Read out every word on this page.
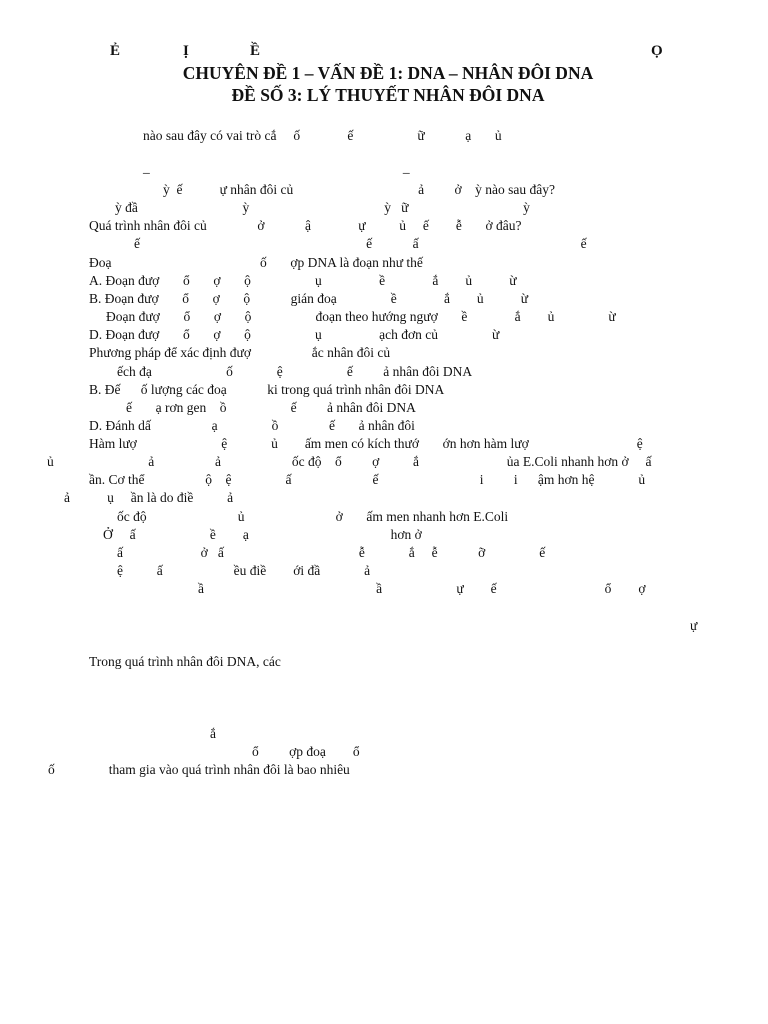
Ẻ	Ị	Ề	Ọ
CHUYÊN ĐỀ 1 – VẤN ĐỀ 1: DNA – NHÂN ĐÔI DNA
ĐỀ SỐ 3: LÝ THUYẾT NHÂN ĐÔI DNA
nào sau đây có vai trò cắ     ố              ế                   ữ            ạ       ủ
_                                                                           _
ỳ  ế           ự nhân đôi củ                                     ả         ở    ỳ nào sau đây?
ỳ đầ                               ỳ                                        ỳ   ữ                                  ỳ
Quá trình nhân đôi củ               ở            ậ              ự          ủ     ế        ễ       ở đâu?
ế                                                                   ế            ấ                                                ế
Đoạ                                            ố       ợp DNA là đoạn như thế
A. Đoạn đượ       ổ       ợ       ộ                   ụ                 ề              ắ        ủ           ừ
B. Đoạn đượ       ổ       ợ       ộ            gián đoạ                ề              ắ        ủ           ừ
Đoạn đượ       ổ       ợ       ộ                   đoạn theo hướng ngượ       ề              ắ        ủ                ừ
D. Đoạn đượ       ổ       ợ       ộ                   ụ                 ạch đơn củ                ừ
Phương pháp để xác định đượ                  ắc nhân đôi củ
ếch đạ                      ố             ệ                   ế         ả nhân đôi DNA
B. Đế      ố lượng các đoạ            ki trong quá trình nhân đôi DNA
ế       ạ rơn gen    ồ                   ế         ả nhân đôi DNA
D. Đánh dấ                  ạ                ồ               ế       ả nhân đôi
Hàm lượ                         ệ             ủ        ấm men có kích thướ       ớn hơn hàm lượ                                ệ
ủ                            ả                  ả                     ốc độ    ổ         ợ          ắ                          ủa E.Coli nhanh hơn ở     ấ
ần. Cơ thể                  ộ    ệ                ấ                        ế                              i         i      ậm hơn hệ             ủ
ả           ụ     ần là do điề          ả
ốc độ                           ủ                           ở       ấm men nhanh hơn E.Coli
Ở     ấ                      ề        ạ                                          hơn ở
ấ                       ở   ấ                                        ễ             ắ     ễ            ỡ                ế
ệ          ấ                     ều điề        ới đầ             ả
ầ                                                   ầ                      ự        ế                                ổ        ợ
ự
Trong quá trình nhân đôi DNA, các
ắ
ổ         ợp đoạ        ổ
ố                tham gia vào quá trình nhân đôi là bao nhiêu
